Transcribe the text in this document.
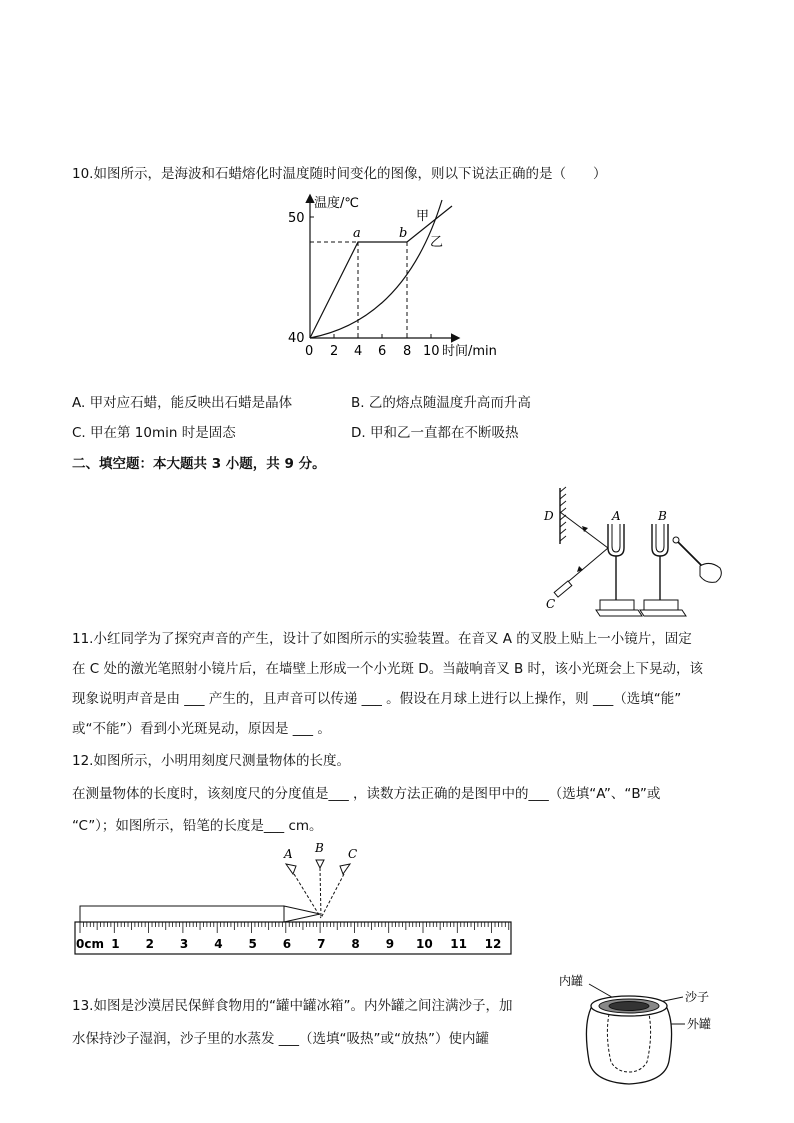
10.如图所示，是海波和石蜡熔化时温度随时间变化的图像，则以下说法正确的是（　　）
温度/℃
50
40
0 2 4 6 8 10 时间/min
a	b
甲
乙
A. 甲对应石蜡，能反映出石蜡是晶体	B. 乙的熔点随温度升高而升高
C. 甲在第 10min 时是固态	D. 甲和乙一直都在不断吸热
二、填空题：本大题共 3 小题，共 9 分。
D
C
A	B
11.小红同学为了探究声音的产生，设计了如图所示的实验装置。在音叉 A 的叉股上贴上一小镜片，固定
在 C 处的激光笔照射小镜片后，在墙壁上形成一个小光斑 D。当敲响音叉 B 时，该小光斑会上下晃动，该
现象说明声音是由 ___ 产生的，且声音可以传递 ___ 。假设在月球上进行以上操作，则 ___（选填“能”
或“不能”）看到小光斑晃动，原因是 ___ 。
12.如图所示，小明用刻度尺测量物体的长度。
在测量物体的长度时，该刻度尺的分度值是___ ，读数方法正确的是图甲中的___（选填“A”、“B”或
“C”）；如图所示，铅笔的长度是___ cm。
A B C
0cm 1 2 3 4 5 6 7 8 9 10 11 12
13.如图是沙漠居民保鲜食物用的“罐中罐冰箱”。内外罐之间注满沙子，加
水保持沙子湿润，沙子里的水蒸发 ___（选填“吸热”或“放热”）使内罐
内罐
沙子
外罐
